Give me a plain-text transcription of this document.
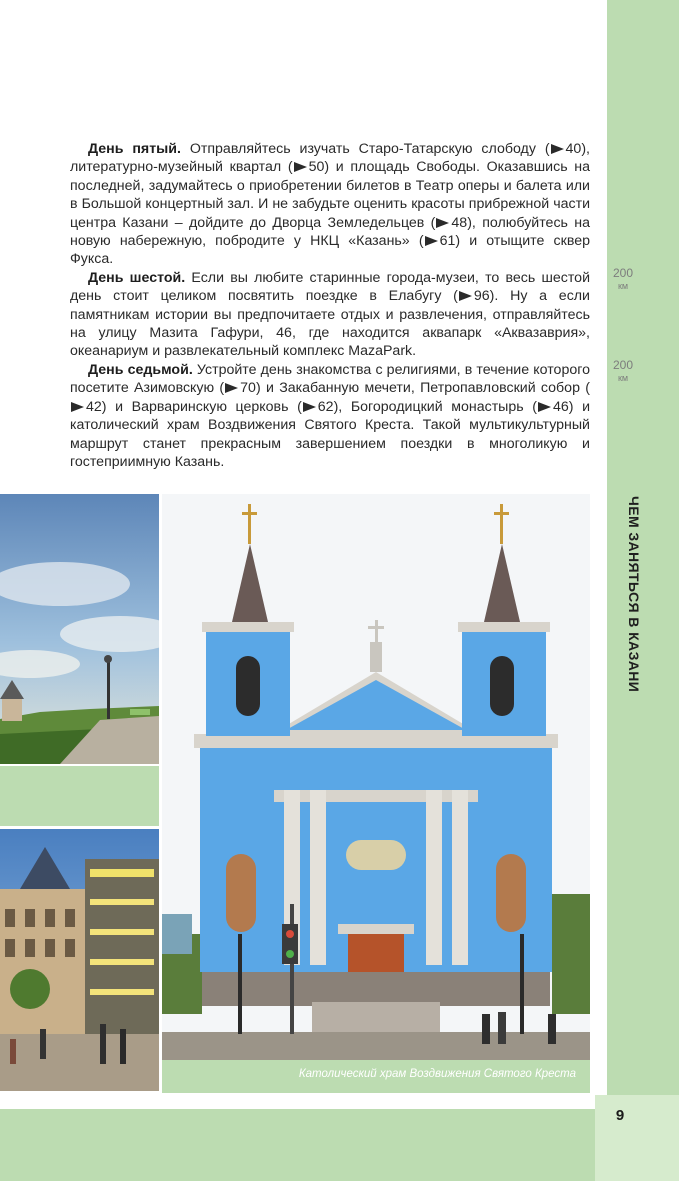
200
км
200
км
ЧЕМ ЗАНЯТЬСЯ В КАЗАНИ

День пятый. Отправляйтесь изучать Старо-Татарскую слободу ( 40), литературно-музейный квартал ( 50) и площадь Свободы. Оказавшись на последней, задумайтесь о приобретении билетов в Театр оперы и балета или в Большой концертный зал. И не забудьте оценить красоты прибрежной части центра Казани – дойдите до Дворца Земледельцев ( 48), полюбуйтесь на новую набережную, побродите у НКЦ «Казань» ( 61) и отыщите сквер Фукса.

День шестой. Если вы любите старинные города-музеи, то весь шестой день стоит целиком посвятить поездке в Елабугу ( 96). Ну а если памятникам истории вы предпочитаете отдых и развлечения, отправляйтесь на улицу Мазита Гафури, 46, где находится аквапарк «Аквазаврия», океанариум и развлекательный комплекс MazaPark.

День седьмой. Устройте день знакомства с религиями, в течение которого посетите Азимовскую ( 70) и Закабанную мечети, Петропавловский собор (42) и Варваринскую церковь ( 62), Богородицкий монастырь ( 46) и католический храм Воздвижения Святого Креста. Такой мультикультурный маршрут станет прекрасным завершением поездки в многоликую и гостеприимную Казань.

Католический храм Воздвижения Святого Креста
9
